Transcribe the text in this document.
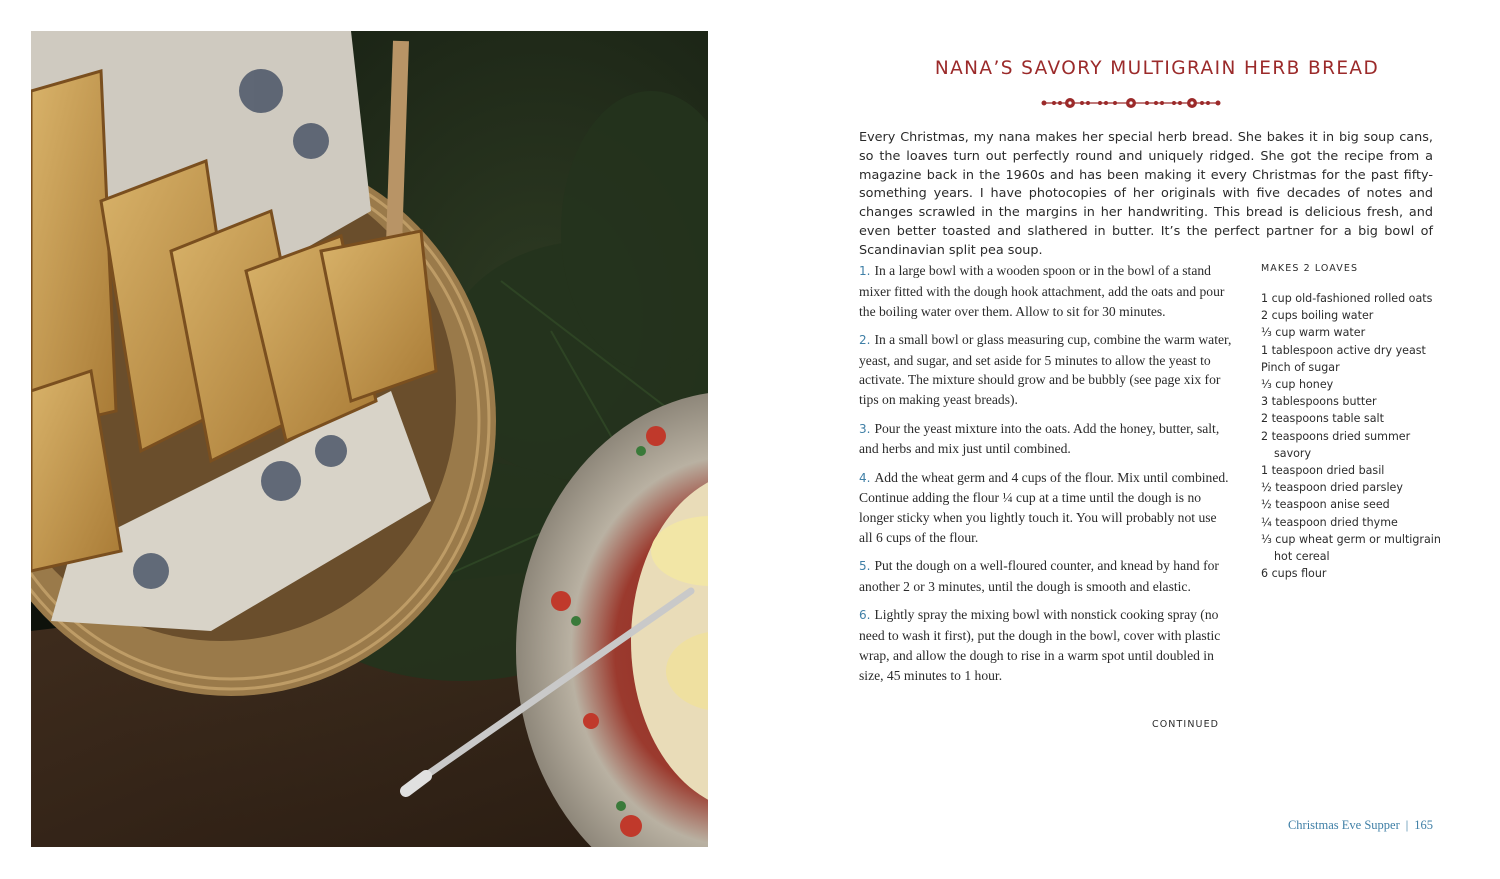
NANA’S SAVORY MULTIGRAIN HERB BREAD
Every Christmas, my nana makes her special herb bread. She bakes it in big soup cans, so the loaves turn out perfectly round and uniquely ridged. She got the recipe from a magazine back in the 1960s and has been making it every Christmas for the past fifty-something years. I have photocopies of her originals with five decades of notes and changes scrawled in the margins in her handwriting. This bread is delicious fresh, and even better toasted and slathered in butter. It’s the perfect partner for a big bowl of Scandinavian split pea soup.

1. In a large bowl with a wooden spoon or in the bowl of a stand mixer fitted with the dough hook attachment, add the oats and pour the boiling water over them. Allow to sit for 30 minutes.

2. In a small bowl or glass measuring cup, combine the warm water, yeast, and sugar, and set aside for 5 minutes to allow the yeast to activate. The mixture should grow and be bubbly (see page xix for tips on making yeast breads).

3. Pour the yeast mixture into the oats. Add the honey, butter, salt, and herbs and mix just until combined.

4. Add the wheat germ and 4 cups of the flour. Mix until combined. Continue adding the flour ¼ cup at a time until the dough is no longer sticky when you lightly touch it. You will probably not use all 6 cups of the flour.

5. Put the dough on a well-floured counter, and knead by hand for another 2 or 3 minutes, until the dough is smooth and elastic.

6. Lightly spray the mixing bowl with nonstick cooking spray (no need to wash it first), put the dough in the bowl, cover with plastic wrap, and allow the dough to rise in a warm spot until doubled in size, 45 minutes to 1 hour.

CONTINUED
MAKES 2 LOAVES
1 cup old-fashioned rolled oats
2 cups boiling water
⅓ cup warm water
1 tablespoon active dry yeast
Pinch of sugar
⅓ cup honey
3 tablespoons butter
2 teaspoons table salt
2 teaspoons dried summer savory
1 teaspoon dried basil
½ teaspoon dried parsley
½ teaspoon anise seed
¼ teaspoon dried thyme
⅓ cup wheat germ or multigrain hot cereal
6 cups flour
Christmas Eve Supper | 165
